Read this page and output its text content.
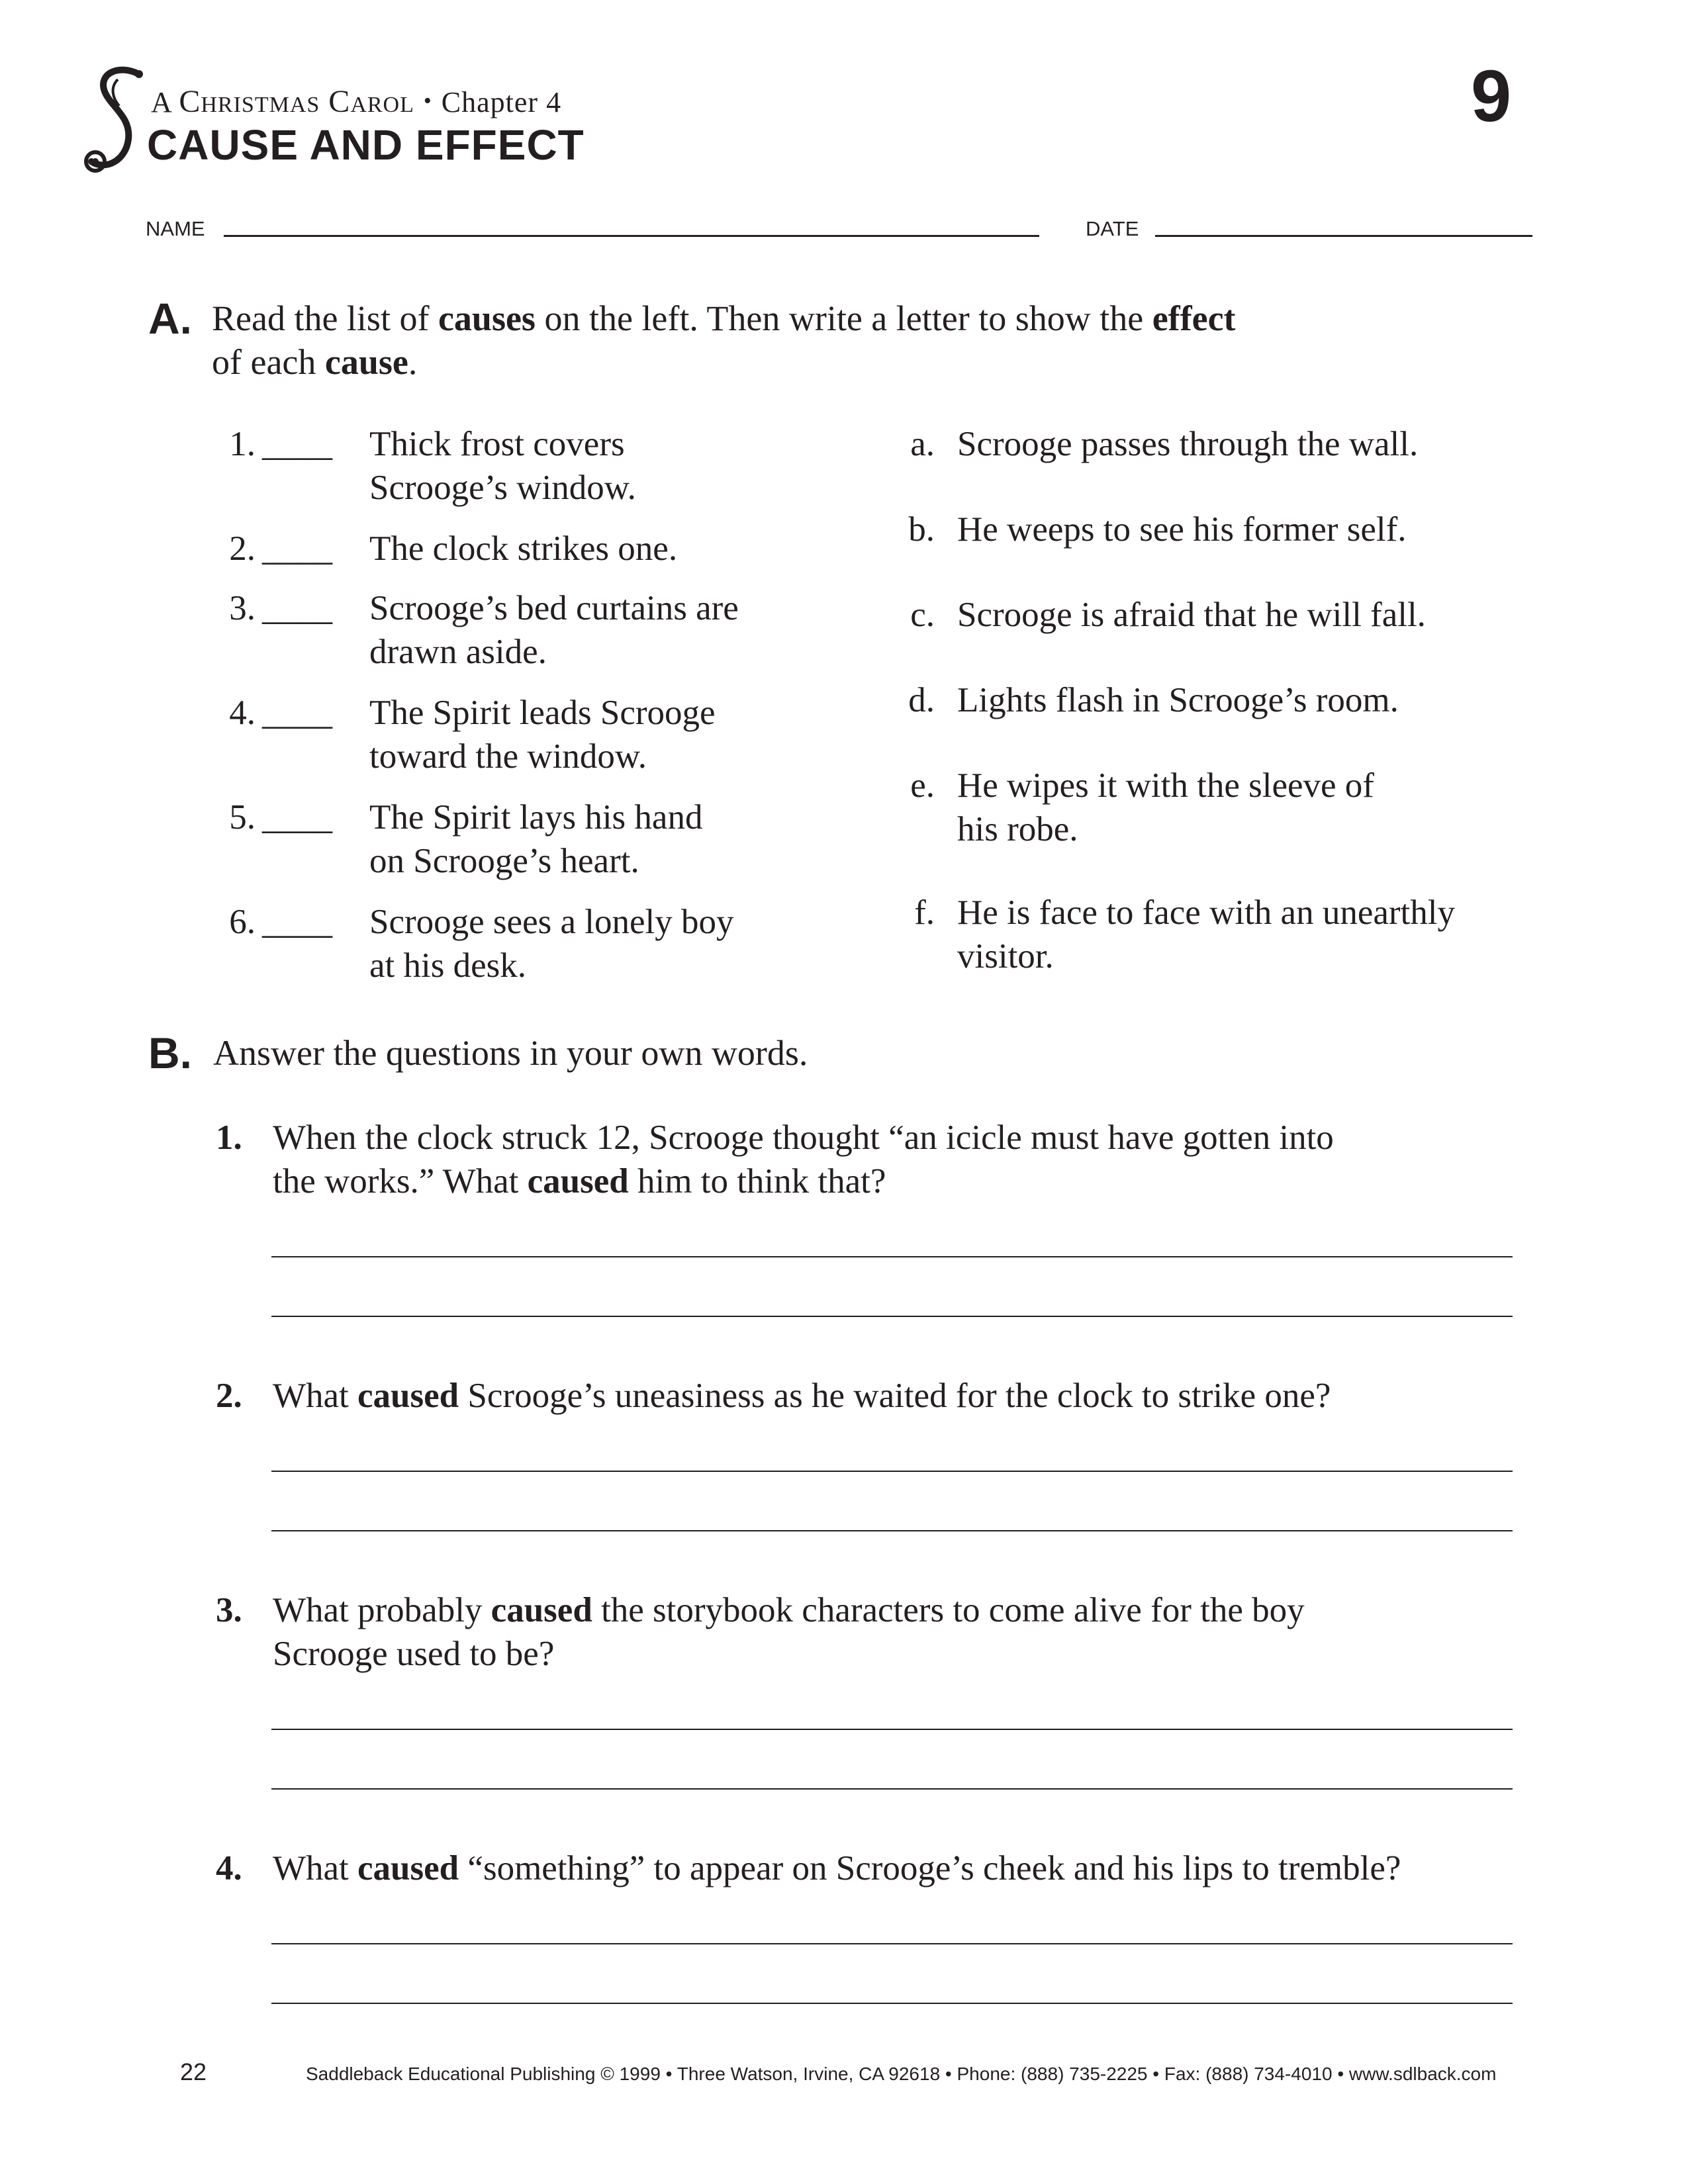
A Christmas Carol • Chapter 4
CAUSE AND EFFECT
9
NAME	DATE
A. Read the list of causes on the left. Then write a letter to show the effect
of each cause.
1. ____ Thick frost covers
Scrooge’s window.
2. ____ The clock strikes one.
3. ____ Scrooge’s bed curtains are
drawn aside.
4. ____ The Spirit leads Scrooge
toward the window.
5. ____ The Spirit lays his hand
on Scrooge’s heart.
6. ____ Scrooge sees a lonely boy
at his desk.
a. Scrooge passes through the wall.
b. He weeps to see his former self.
c. Scrooge is afraid that he will fall.
d. Lights flash in Scrooge’s room.
e. He wipes it with the sleeve of
his robe.
f. He is face to face with an unearthly
visitor.
B. Answer the questions in your own words.
1. When the clock struck 12, Scrooge thought “an icicle must have gotten into
the works.” What caused him to think that?
2. What caused Scrooge’s uneasiness as he waited for the clock to strike one?
3. What probably caused the storybook characters to come alive for the boy
Scrooge used to be?
4. What caused “something” to appear on Scrooge’s cheek and his lips to tremble?
22	Saddleback Educational Publishing © 1999 • Three Watson, Irvine, CA 92618 • Phone: (888) 735-2225 • Fax: (888) 734-4010 • www.sdlback.com
